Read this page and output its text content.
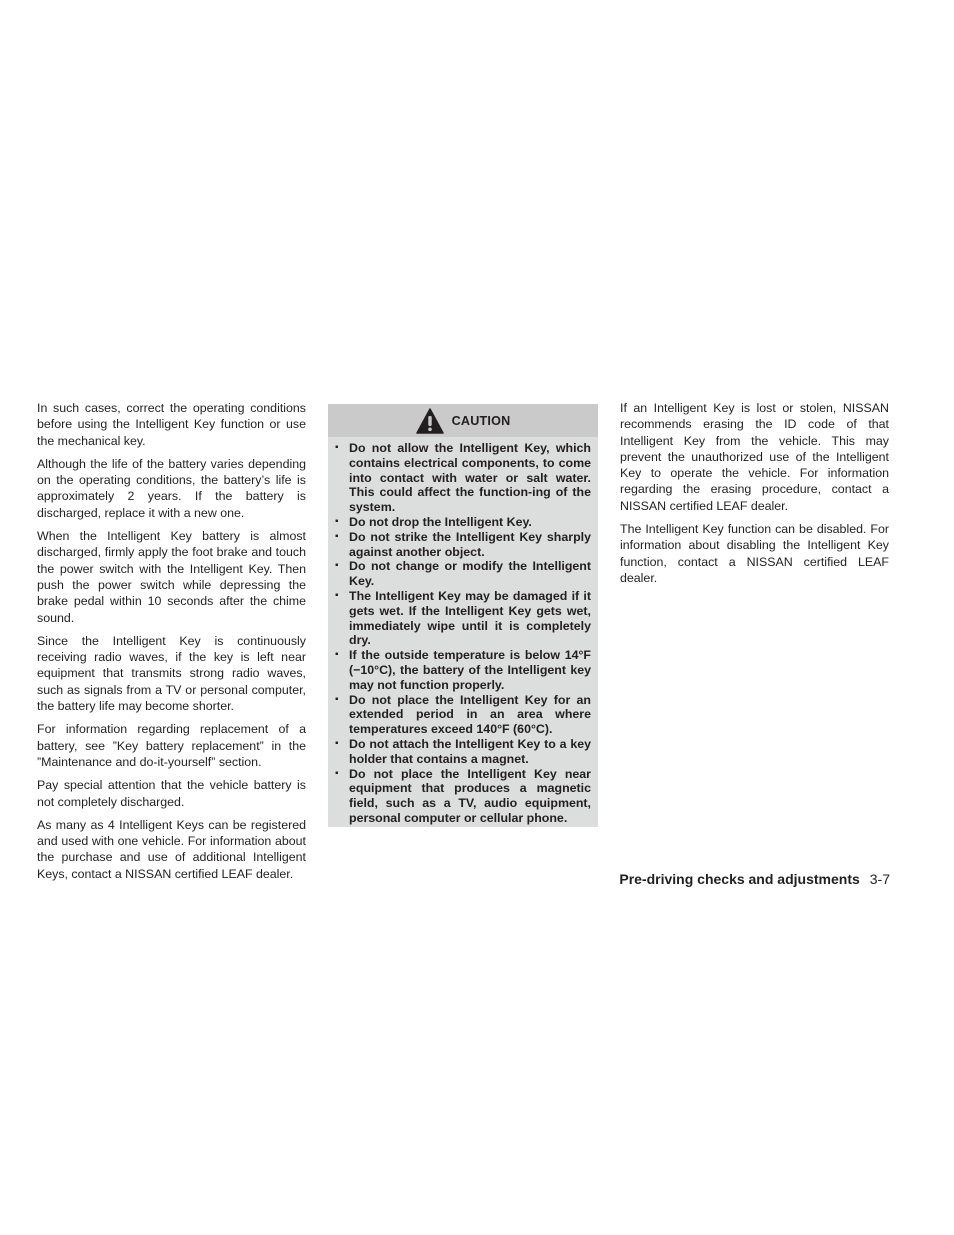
In such cases, correct the operating conditions before using the Intelligent Key function or use the mechanical key.

Although the life of the battery varies depending on the operating conditions, the battery’s life is approximately 2 years. If the battery is discharged, replace it with a new one.

When the Intelligent Key battery is almost discharged, firmly apply the foot brake and touch the power switch with the Intelligent Key. Then push the power switch while depressing the brake pedal within 10 seconds after the chime sound.

Since the Intelligent Key is continuously receiving radio waves, if the key is left near equipment that transmits strong radio waves, such as signals from a TV or personal computer, the battery life may become shorter.

For information regarding replacement of a battery, see ”Key battery replacement” in the ”Maintenance and do-it-yourself” section.

Pay special attention that the vehicle battery is not completely discharged.

As many as 4 Intelligent Keys can be registered and used with one vehicle. For information about the purchase and use of additional Intelligent Keys, contact a NISSAN certified LEAF dealer.

CAUTION
▪ Do not allow the Intelligent Key, which contains electrical components, to come into contact with water or salt water. This could affect the function-ing of the system.
▪ Do not drop the Intelligent Key.
▪ Do not strike the Intelligent Key sharply against another object.
▪ Do not change or modify the Intelligent Key.
▪ The Intelligent Key may be damaged if it gets wet. If the Intelligent Key gets wet, immediately wipe until it is completely dry.
▪ If the outside temperature is below 14°F (−10°C), the battery of the Intelligent key may not function properly.
▪ Do not place the Intelligent Key for an extended period in an area where temperatures exceed 140°F (60°C).
▪ Do not attach the Intelligent Key to a key holder that contains a magnet.
▪ Do not place the Intelligent Key near equipment that produces a magnetic field, such as a TV, audio equipment, personal computer or cellular phone.

If an Intelligent Key is lost or stolen, NISSAN recommends erasing the ID code of that Intelligent Key from the vehicle. This may prevent the unauthorized use of the Intelligent Key to operate the vehicle. For information regarding the erasing procedure, contact a NISSAN certified LEAF dealer.

The Intelligent Key function can be disabled. For information about disabling the Intelligent Key function, contact a NISSAN certified LEAF dealer.

Pre-driving checks and adjustments 3-7
